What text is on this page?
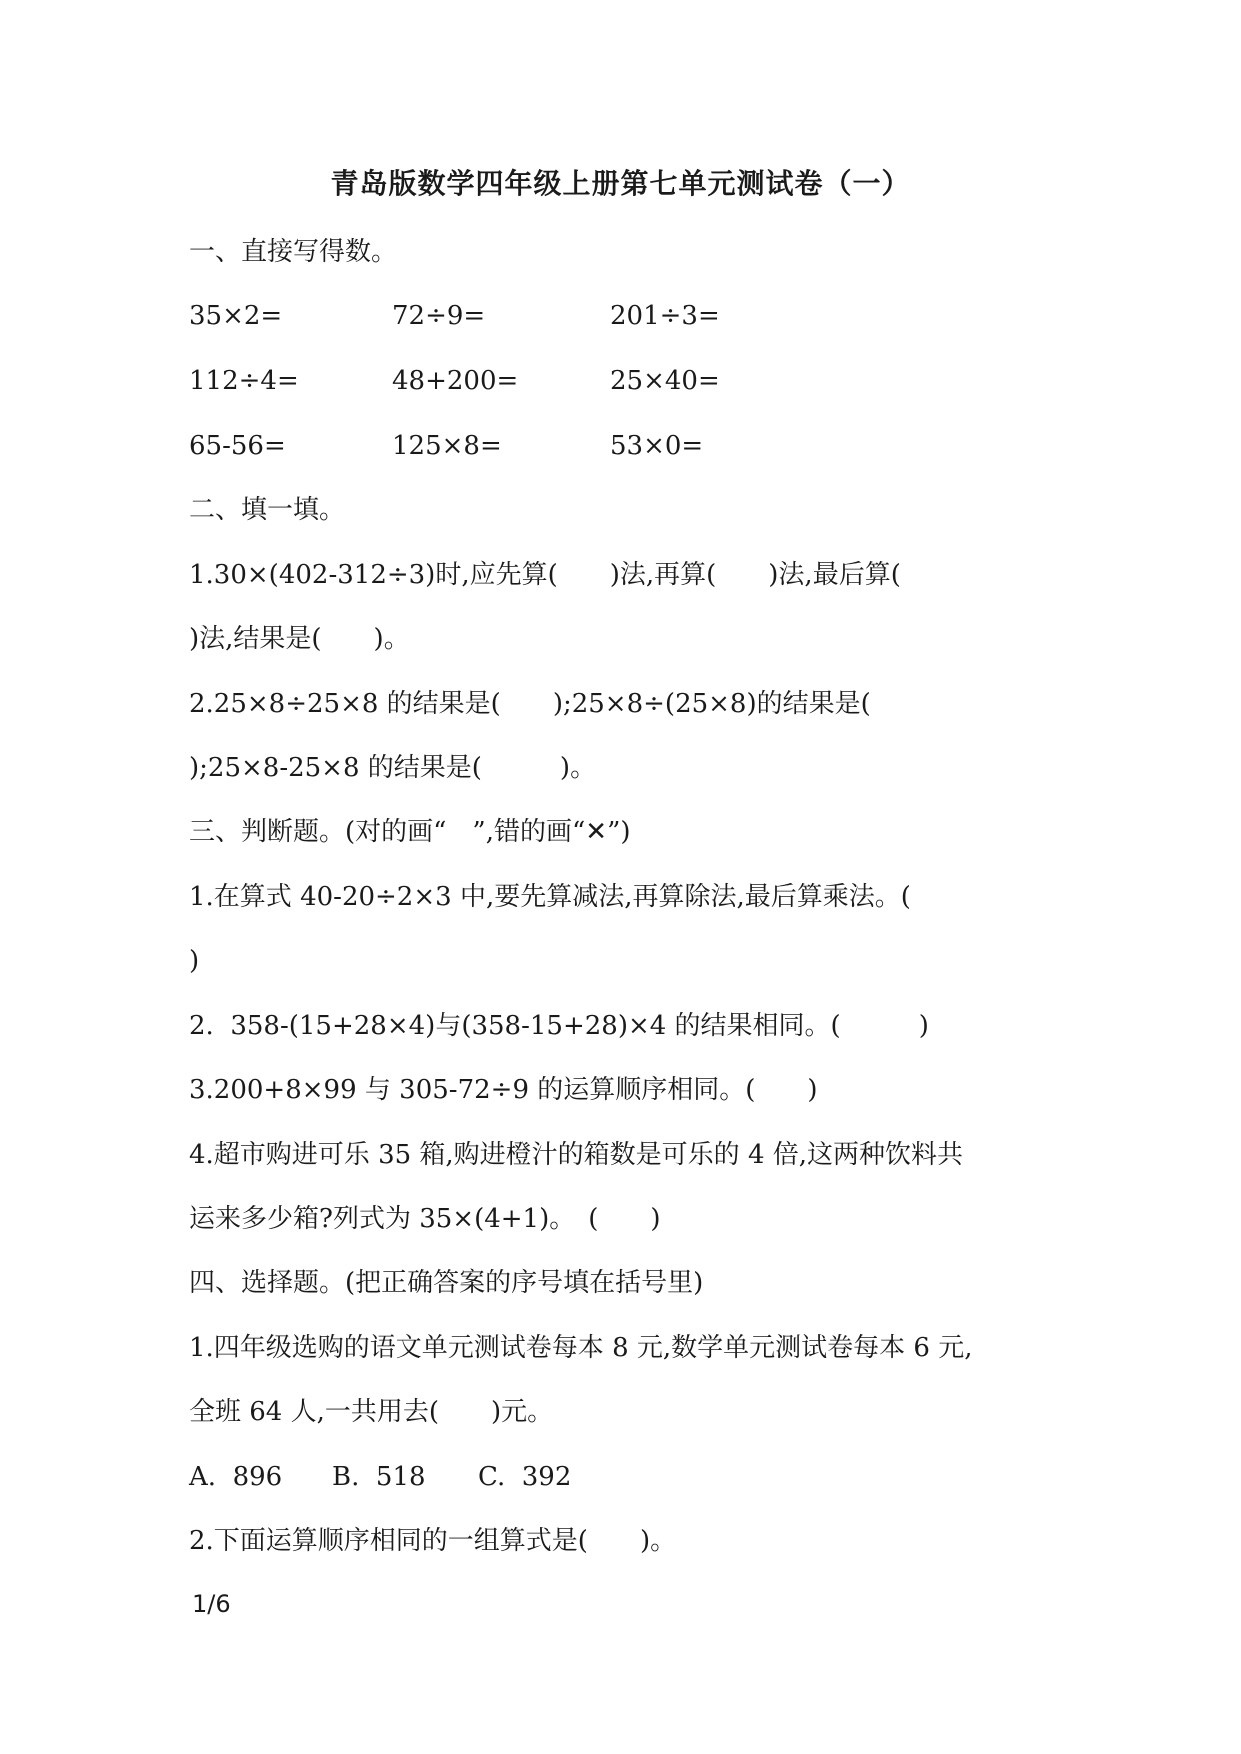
青岛版数学四年级上册第七单元测试卷（一）
一、直接写得数。
35×2=	72÷9=	201÷3=
112÷4=	48+200=	25×40=
65-56=	125×8=	53×0=
二、填一填。
1.30×(402-312÷3)时,应先算(　　)法,再算(　　)法,最后算(
)法,结果是(　　)。
2.25×8÷25×8 的结果是(　　);25×8÷(25×8)的结果是(
);25×8-25×8 的结果是(　　　)。
三、判断题。(对的画“　”,错的画“✕”)
1.在算式 40-20÷2×3 中,要先算减法,再算除法,最后算乘法。(
)
2.  358-(15+28×4)与(358-15+28)×4 的结果相同。(　　　)
3.200+8×99 与 305-72÷9 的运算顺序相同。(　　)
4.超市购进可乐 35 箱,购进橙汁的箱数是可乐的 4 倍,这两种饮料共
运来多少箱?列式为 35×(4+1)。　(　　)
四、选择题。(把正确答案的序号填在括号里)
1.四年级选购的语文单元测试卷每本 8 元,数学单元测试卷每本 6 元,
全班 64 人,一共用去(　　)元。
A.  896 B.  518 C.  392
2.下面运算顺序相同的一组算式是(　　)。
1/6
